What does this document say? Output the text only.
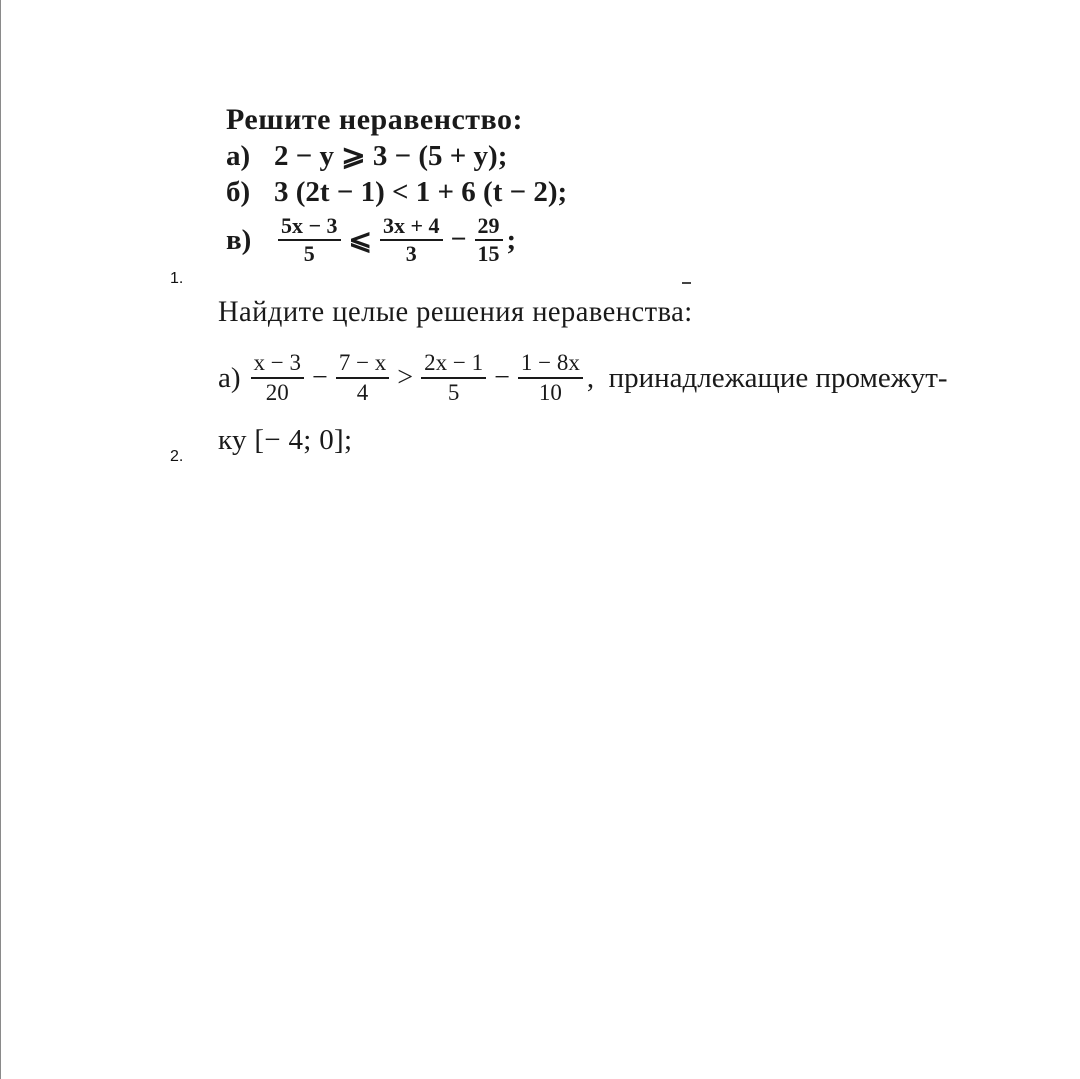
1.
Решите неравенство:
а) 2 − y ⩾ 3 − (5 + y);
б) 3 (2t − 1) < 1 + 6 (t − 2);
в)	$\frac{5x - 3}{5}$ ⩽ $\frac{3x + 4}{3} - \frac{29}{15}$ ;
2.
Найдите целые решения неравенства:
$а) \frac{x - 3}{20} - \frac{7 - x}{4} > \frac{2x - 1}{5} - \frac{1 - 8x}{10}$ ,  принадлежащие промежут-
ку [− 4; 0];
